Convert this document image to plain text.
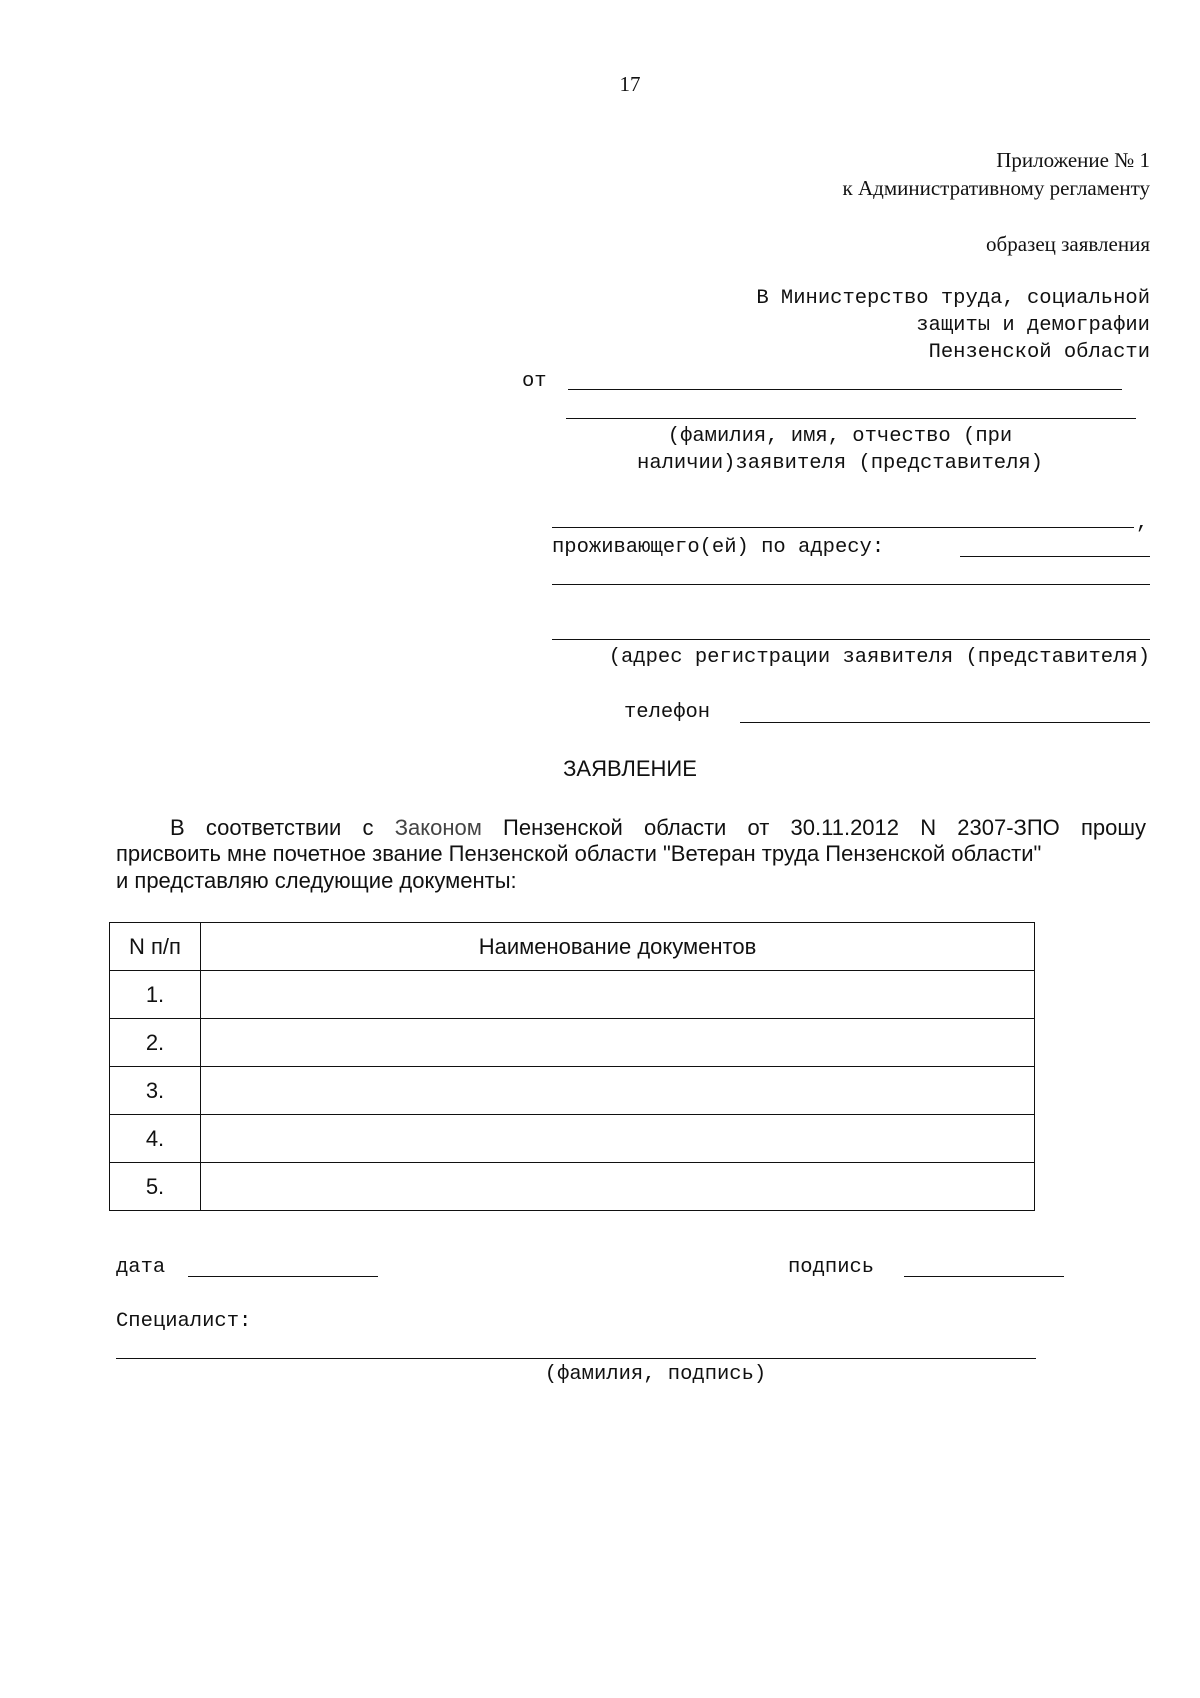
17
Приложение № 1
к Административному регламенту
образец заявления
В Министерство труда, социальной
защиты и демографии
Пензенской области
от
(фамилия, имя, отчество (при
наличии)заявителя (представителя)
,
проживающего(ей) по адресу:
(адрес регистрации заявителя (представителя)
телефон
ЗАЯВЛЕНИЕ
В соответствии с Законом Пензенской области от 30.11.2012 N 2307-ЗПО прошу
присвоить мне почетное звание Пензенской области "Ветеран труда Пензенской области"
и представляю следующие документы:
N п/п	Наименование документов
1.	
2.	
3.	
4.	
5.	
дата	подпись
Специалист:
(фамилия, подпись)
